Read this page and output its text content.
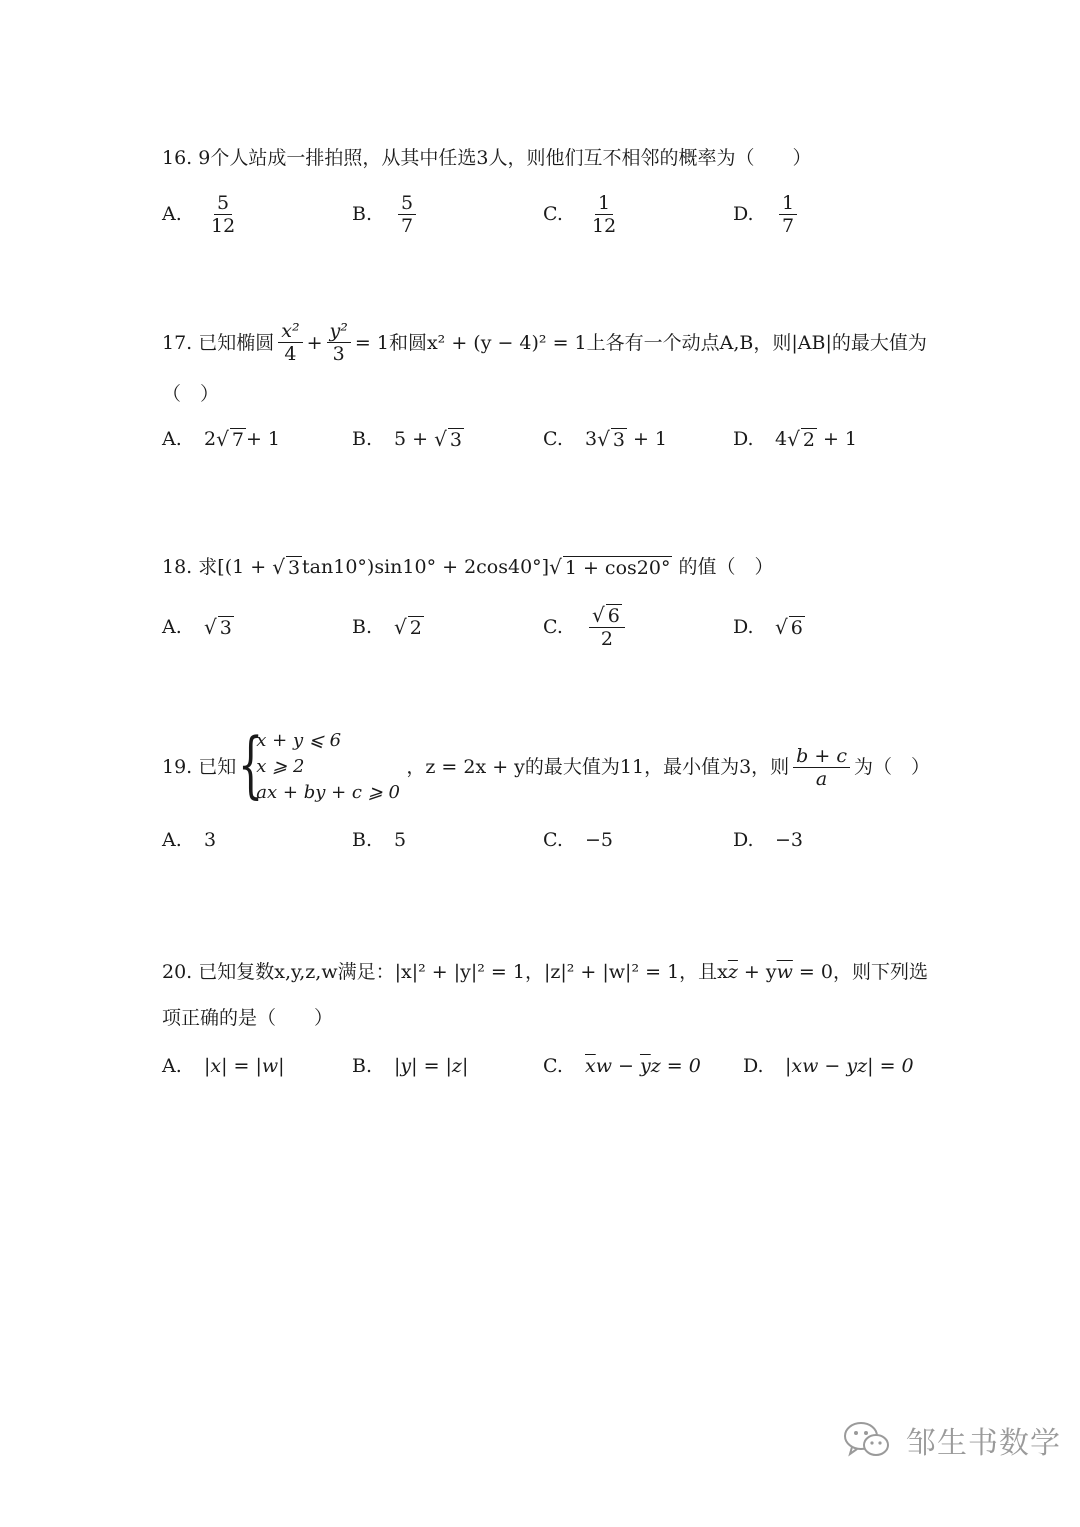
16.
9个人站成一排拍照，从其中任选3人，则他们互不相邻的概率为（　　）
A.	$\frac{5}{12}$	B.	$\frac{5}{7}$	C.	$\frac{1}{12}$	D.	$\frac{1}{7}$
17.
已知椭圆 $\frac{\text{x²}}{4} + \frac{\text{y²}}{3} = 1$和圆x² + (y − 4)² = 1上各有一个动点A,B，则|AB|的最大值为
（　）
A.	2 √ 7 + 1	B.	5 + √ 3	C.	3 √ 3 + 1	D.	4 √ 2 + 1
18.
求 [(1 + √ 3 tan10°)sin10° + 2cos40°] √ 1 + cos20°
的值（　）
A.	√ 3	B.	√ 2	C.	$\frac{√ 6}{2}$	D.	√ 6
19.
已知 {
x + y ⩽ 6
x ⩾ 2
ax + by + c ⩾ 0
，z = 2x + y的最大值为11，最小值为3，则 $\frac{b + c}{a}$ 为（　）
A.	3	B.	5	C.	−5	D.	−3
20.
已知复数x,y,z,w满足：|x|² + |y|² = 1，|z|² + |w|² = 1，且x $\overline{z} + y$ $\overline{w} = 0$，则下列选
项正确的是（　　）
A.	|x| = |w|	B.	|y| = |z|	C.	$\overline{x}$ $w - \overline{y}$ z = 0 D.	|xw − yz| = 0
邹生书数学
